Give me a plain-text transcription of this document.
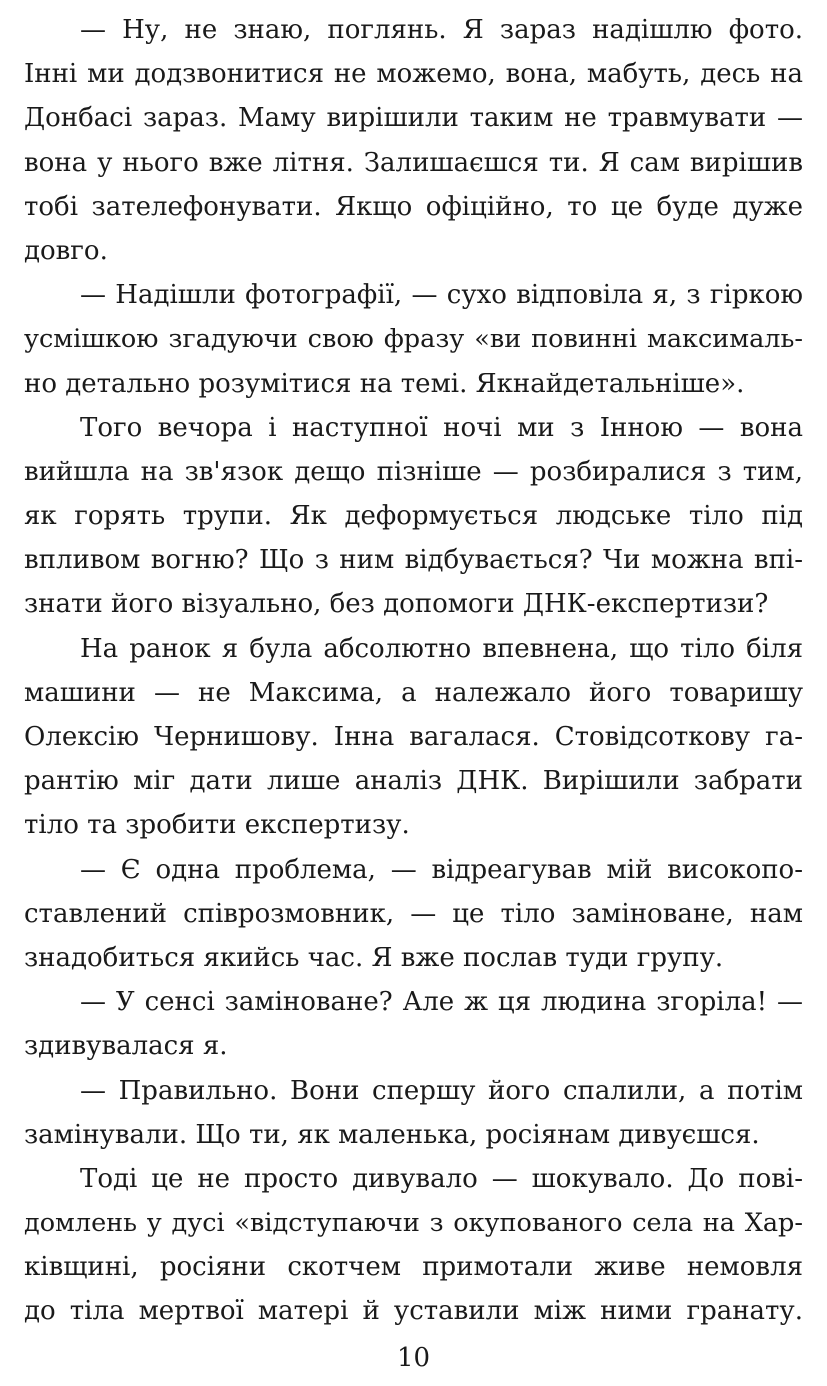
— Ну, не знаю, поглянь. Я зараз надішлю фото.
Інні ми додзвонитися не можемо, вона, мабуть, десь на
Донбасі зараз. Маму вирішили таким не травмувати —
вона у нього вже літня. Залишаєшся ти. Я сам вирішив
тобі зателефонувати. Якщо офіційно, то це буде дуже
довго.
— Надішли фотографії, — сухо відповіла я, з гіркою
усмішкою згадуючи свою фразу «ви повинні максималь-
но детально розумітися на темі. Якнайдетальніше».
Того вечора і наступної ночі ми з Інною — вона
вийшла на зв'язок дещо пізніше — розбиралися з тим,
як горять трупи. Як деформується людське тіло під
впливом вогню? Що з ним відбувається? Чи можна впі-
знати його візуально, без допомоги ДНК-експертизи?
На ранок я була абсолютно впевнена, що тіло біля
машини — не Максима, а належало його товаришу
Олексію Чернишову. Інна вагалася. Стовідсоткову га-
рантію міг дати лише аналіз ДНК. Вирішили забрати
тіло та зробити експертизу.
— Є одна проблема, — відреагував мій високопо-
ставлений співрозмовник, — це тіло заміноване, нам
знадобиться якийсь час. Я вже послав туди групу.
— У сенсі заміноване? Але ж ця людина згоріла! —
здивувалася я.
— Правильно. Вони спершу його спалили, а потім
замінували. Що ти, як маленька, росіянам дивуєшся.
Тоді це не просто дивувало — шокувало. До пові-
домлень у дусі «відступаючи з окупованого села на Хар-
ківщині, росіяни скотчем примотали живе немовля
до тіла мертвої матері й уставили між ними гранату.
10
